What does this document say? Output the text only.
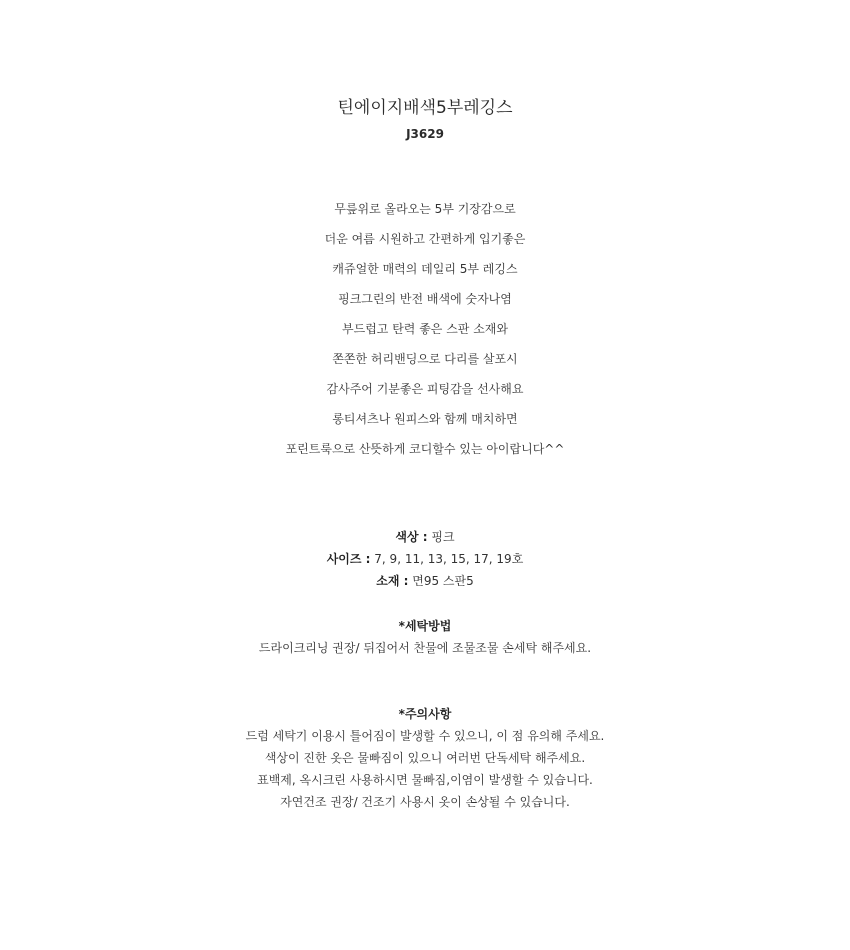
틴에이지배색5부레깅스
J3629
무릎위로 올라오는 5부 기장감으로
더운 여름 시원하고 간편하게 입기좋은
캐쥬얼한 매력의 데일리 5부 레깅스
핑크그린의 반전 배색에 숫자나염
부드럽고 탄력 좋은 스판 소재와
쫀쫀한 허리밴딩으로 다리를 살포시
감사주어 기분좋은 피팅감을 선사해요
롱티셔츠나 원피스와 함께 매치하면
포린트룩으로 산뜻하게 코디할수 있는 아이랍니다^^
색상 : 핑크
사이즈 : 7, 9, 11, 13, 15, 17, 19호
소재 : 면95 스판5
*세탁방법
드라이크리닝 권장/ 뒤집어서 찬물에 조물조물 손세탁 해주세요.
*주의사항
드럼 세탁기 이용시 틀어짐이 발생할 수 있으니, 이 점 유의해 주세요.
색상이 진한 옷은 물빠짐이 있으니 여러번 단독세탁 해주세요.
표백제, 옥시크린 사용하시면 물빠짐,이염이 발생할 수 있습니다.
자연건조 권장/ 건조기 사용시 옷이 손상될 수 있습니다.
